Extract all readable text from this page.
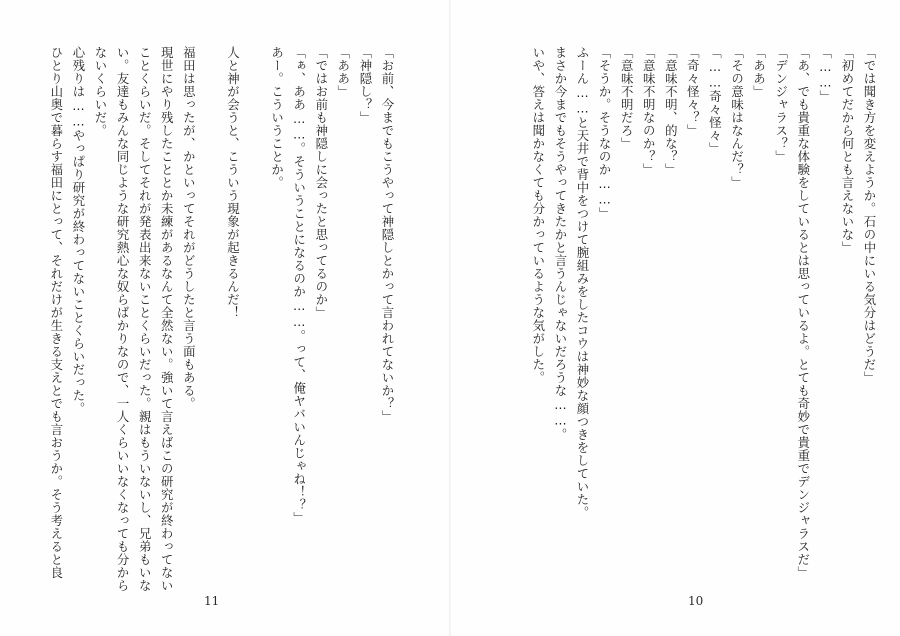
「お前、今までもこうやって神隠しとかって言われてないか？」
「神隠し？」
「ああ」
「ではお前も神隠しに会ったと思ってるのか」
「ぁ、ああ……。そういうことになるのか……。って、俺ヤバいんじゃね！？」
あー。こういうことか。

人と神が会うと、こういう現象が起きるんだ！

福田は思ったが、かといってそれがどうしたと言う面もある。
現世にやり残したこととか未練があるなんて全然ない。強いて言えばこの研究が終わってない
ことくらいだ。そしてそれが発表出来ないことくらいだった。親はもういないし、兄弟もいな
い。友達もみんな同じような研究熱心な奴らばかりなので、一人くらいいなくなっても分から
ないくらいだ。
心残りは……やっぱり研究が終わってないことくらいだった。
ひとり山奥で暮らす福田にとって、それだけが生きる支えとでも言おうか。そう考えると良
11
「では聞き方を変えようか。石の中にいる気分はどうだ」
「初めてだから何とも言えないな」
「……」
「あ、でも貴重な体験をしているとは思っているよ。とても奇妙で貴重でデンジャラスだ」
「デンジャラス？」
「ああ」
「その意味はなんだ？」
「……奇々怪々」
「奇々怪々？」
「意味不明、的な？」
「意味不明なのか？」
「意味不明だろ」
「そうか。そうなのか……」
ふーん……と天井で背中をつけて腕組みをしたコウは神妙な顔つきをしていた。
まさか今までもそうやってきたかと言うんじゃないだろうな……。
いや、答えは聞かなくても分かっているような気がした。
10
